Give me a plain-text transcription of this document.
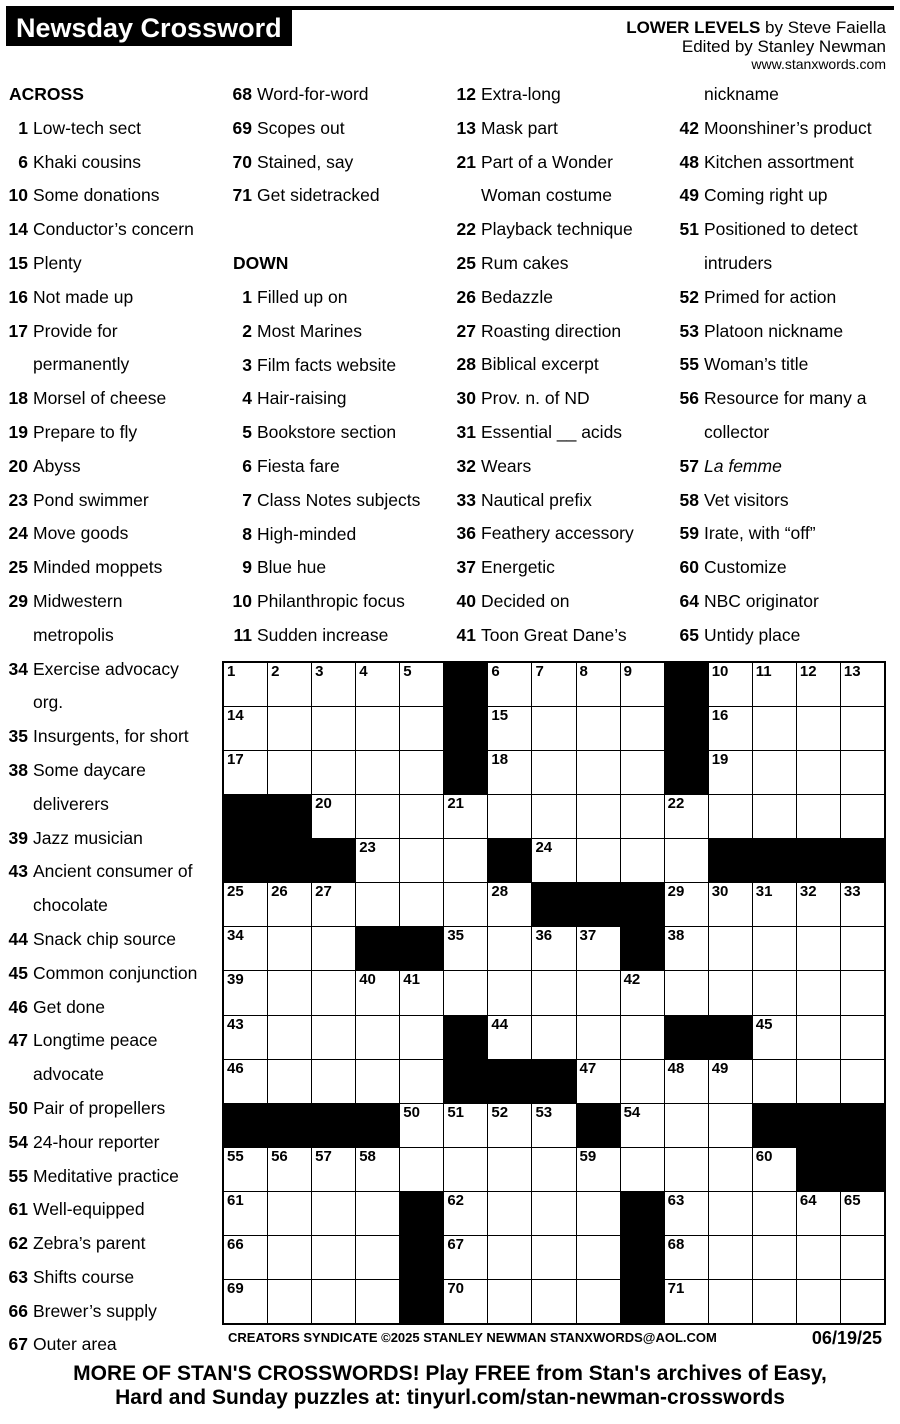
Newsday Crossword	LOWER LEVELS by Steve Faiella
Edited by Stanley Newman
www.stanxwords.com
ACROSS
1 Low-tech sect
6 Khaki cousins
10 Some donations
14 Conductor’s concern
15 Plenty
16 Not made up
17 Provide for
permanently
18 Morsel of cheese
19 Prepare to fly
20 Abyss
23 Pond swimmer
24 Move goods
25 Minded moppets
29 Midwestern
metropolis
34 Exercise advocacy
org.
35 Insurgents, for short
38 Some daycare
deliverers
39 Jazz musician
43 Ancient consumer of
chocolate
44 Snack chip source
45 Common conjunction
46 Get done
47 Longtime peace
advocate
50 Pair of propellers
54 24-hour reporter
55 Meditative practice
61 Well-equipped
62 Zebra’s parent
63 Shifts course
66 Brewer’s supply
67 Outer area
68 Word-for-word
69 Scopes out
70 Stained, say
71 Get sidetracked
DOWN
1 Filled up on
2 Most Marines
3 Film facts website
4 Hair-raising
5 Bookstore section
6 Fiesta fare
7 Class Notes subjects
8 High-minded
9 Blue hue
10 Philanthropic focus
11 Sudden increase
12 Extra-long
13 Mask part
21 Part of a Wonder
Woman costume
22 Playback technique
25 Rum cakes
26 Bedazzle
27 Roasting direction
28 Biblical excerpt
30 Prov. n. of ND
31 Essential __ acids
32 Wears
33 Nautical prefix
36 Feathery accessory
37 Energetic
40 Decided on
41 Toon Great Dane’s
nickname
42 Moonshiner’s product
48 Kitchen assortment
49 Coming right up
51 Positioned to detect
intruders
52 Primed for action
53 Platoon nickname
55 Woman’s title
56 Resource for many a
collector
57 La femme
58 Vet visitors
59 Irate, with “off”
60 Customize
64 NBC originator
65 Untidy place
1 2 3 4 5	6 7 8 9	10 11 12 13
14	15	16
17	18	19
20	21	22
23	24
25 26 27	28	29 30 31 32 33
34	35	36 37	38
39	40 41	42
43	44	45
46	47	48 49
50 51 52 53	54
55 56 57 58	59	60
61	62	63	64 65
66	67	68
69	70	71
CREATORS SYNDICATE ©2025 STANLEY NEWMAN STANXWORDS@AOL.COM	06/19/25
MORE OF STAN'S CROSSWORDS! Play FREE from Stan's archives of Easy,
Hard and Sunday puzzles at: tinyurl.com/stan-newman-crosswords
